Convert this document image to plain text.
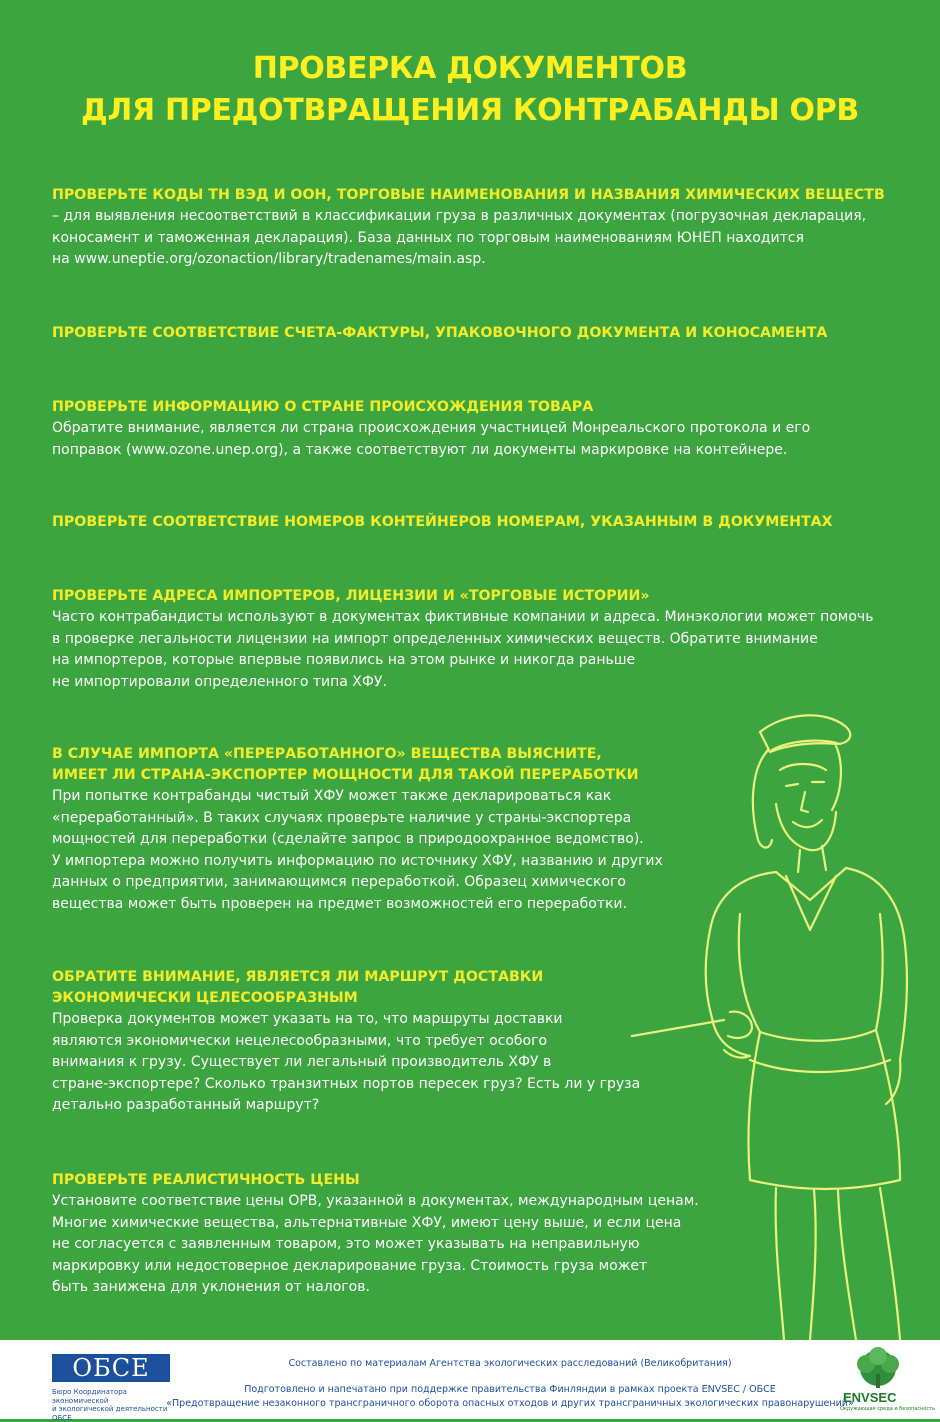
ПРОВЕРКА ДОКУМЕНТОВ
ДЛЯ ПРЕДОТВРАЩЕНИЯ КОНТРАБАНДЫ ОРВ
ПРОВЕРЬТЕ КОДЫ ТН ВЭД И ООН, ТОРГОВЫЕ НАИМЕНОВАНИЯ И НАЗВАНИЯ ХИМИЧЕСКИХ ВЕЩЕСТВ
– для выявления несоответствий в классификации груза в различных документах (погрузочная декларация,
коносамент и таможенная декларация). База данных по торговым наименованиям ЮНЕП находится
на www.uneptie.org/ozonaction/library/tradenames/main.asp.
ПРОВЕРЬТЕ СООТВЕТСТВИЕ СЧЕТА-ФАКТУРЫ, УПАКОВОЧНОГО ДОКУМЕНТА И КОНОСАМЕНТА
ПРОВЕРЬТЕ ИНФОРМАЦИЮ О СТРАНЕ ПРОИСХОЖДЕНИЯ ТОВАРА
Обратите внимание, является ли страна происхождения участницей Монреальского протокола и его
поправок (www.ozone.unep.org), а также соответствуют ли документы маркировке на контейнере.
ПРОВЕРЬТЕ СООТВЕТСТВИЕ НОМЕРОВ КОНТЕЙНЕРОВ НОМЕРАМ, УКАЗАННЫМ В ДОКУМЕНТАХ
ПРОВЕРЬТЕ АДРЕСА ИМПОРТЕРОВ, ЛИЦЕНЗИИ И «ТОРГОВЫЕ ИСТОРИИ»
Часто контрабандисты используют в документах фиктивные компании и адреса. Минэкологии может помочь
в проверке легальности лицензии на импорт определенных химических веществ. Обратите внимание
на импортеров, которые впервые появились на этом рынке и никогда раньше
не импортировали определенного типа ХФУ.
В СЛУЧАЕ ИМПОРТА «ПЕРЕРАБОТАННОГО» ВЕЩЕСТВА ВЫЯСНИТЕ,
ИМЕЕТ ЛИ СТРАНА-ЭКСПОРТЕР МОЩНОСТИ ДЛЯ ТАКОЙ ПЕРЕРАБОТКИ
При попытке контрабанды чистый ХФУ может также декларироваться как
«переработанный». В таких случаях проверьте наличие у страны-экспортера
мощностей для переработки (сделайте запрос в природоохранное ведомство).
У импортера можно получить информацию по источнику ХФУ, названию и других
данных о предприятии, занимающимся переработкой. Образец химического
вещества может быть проверен на предмет возможностей его переработки.
ОБРАТИТЕ ВНИМАНИЕ, ЯВЛЯЕТСЯ ЛИ МАРШРУТ ДОСТАВКИ
ЭКОНОМИЧЕСКИ ЦЕЛЕСООБРАЗНЫМ
Проверка документов может указать на то, что маршруты доставки
являются экономически нецелесообразными, что требует особого
внимания к грузу. Существует ли легальный производитель ХФУ в
стране-экспортере? Сколько транзитных портов пересек груз? Есть ли у груза
детально разработанный маршрут?
ПРОВЕРЬТЕ РЕАЛИСТИЧНОСТЬ ЦЕНЫ
Установите соответствие цены ОРВ, указанной в документах, международным ценам.
Многие химические вещества, альтернативные ХФУ, имеют цену выше, и если цена
не согласуется с заявленным товаром, это может указывать на неправильную
маркировку или недостоверное декларирование груза. Стоимость груза может
быть занижена для уклонения от налогов.
ОБСЕ
Бюро Координатора экономической
и экологической деятельности ОБСЕ
Составлено по материалам Агентства экологических расследований (Великобритания)
Подготовлено и напечатано при поддержке правительства Финляндии в рамках проекта ENVSEC / ОБСЕ
«Предотвращение незаконного трансграничного оборота опасных отходов и других трансграничных экологических правонарушений»
ENVSEC
Окружающая среда и безопасность
